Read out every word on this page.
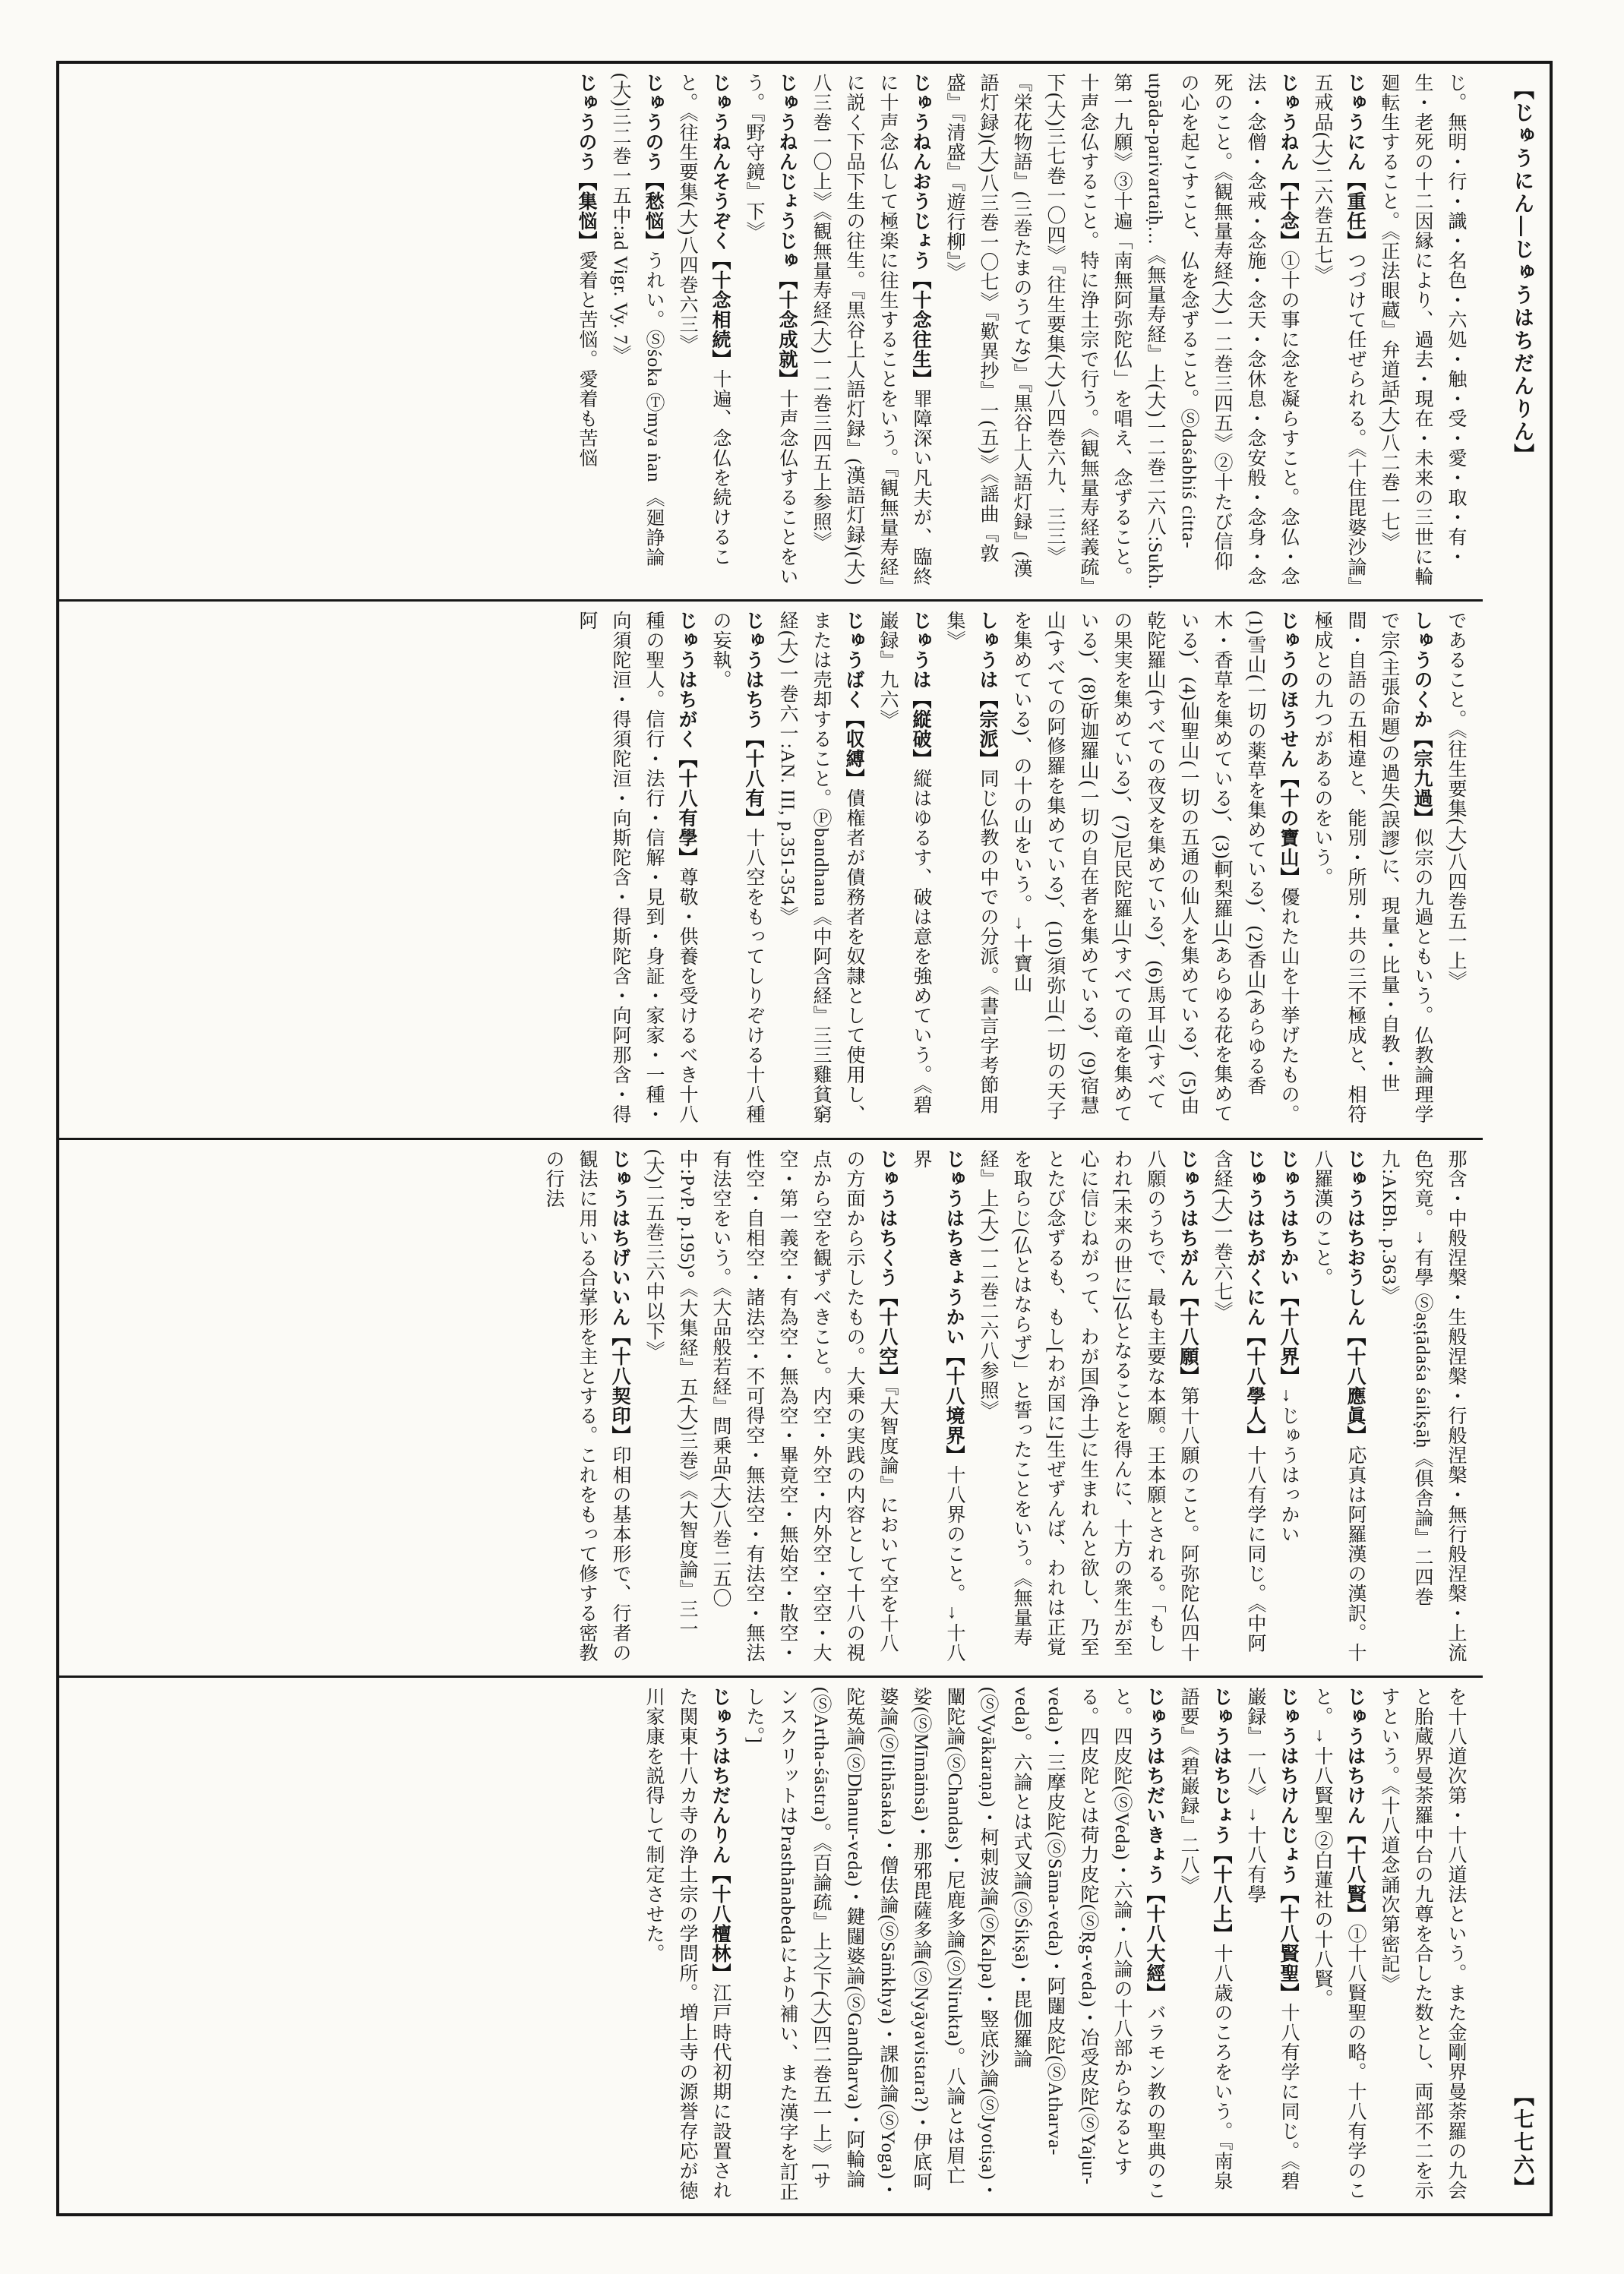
じ。無明・行・識・名色・六処・触・受・愛・取・有・生・老死の十二因縁により、過去・現在・未来の三世に輪廻転生すること。《正法眼蔵』弁道話(大)八二巻一七》
じゅうにん【重任】つづけて任ぜられる。《十住毘婆沙論』五戒品(大)二六巻五七》
じゅうねん【十念】①十の事に念を凝らすこと。念仏・念法・念僧・念戒・念施・念天・念休息・念安般・念身・念死のこと。《観無量寿経(大)一二巻三四五》②十たび信仰の心を起こすこと、仏を念ずること。Ⓢdaśabhiś citta-utpāda-parivartaiḥ…《無量寿経』上(大)一二巻二六八:Sukh. 第一九願》③十遍「南無阿弥陀仏」を唱え、念ずること。十声念仏すること。特に浄土宗で行う。《観無量寿経義疏』下(大)三七巻一〇四》『往生要集(大)八四巻六九、三三》『栄花物語』(三巻たまのうてな)』『黒谷上人語灯録』(漢語灯録)(大)八三巻一〇七》『歎異抄』一(五)》《謡曲『敦盛』『清盛』『遊行柳』》
じゅうねんおうじょう【十念往生】罪障深い凡夫が、臨終に十声念仏して極楽に往生することをいう。『観無量寿経』に説く下品下生の往生。『黒谷上人語灯録』(漢語灯録)(大)八三巻一〇上》《観無量寿経(大)一二巻三四五上参照》
じゅうねんじょうじゅ【十念成就】十声念仏することをいう。『野守鏡』下》
じゅうねんそうぞく【十念相続】十遍、念仏を続けること。《往生要集(大)八四巻六三》
じゅうのう【愁悩】うれい。Ⓢśoka Ⓣmya ṅan 《廻諍論(大)三二巻一五中:ad Vigr. Vy. 7》
じゅうのう【集悩】愛着と苦悩。愛着も苦悩
であること。《往生要集(大)八四巻五一上》
しゅうのくか【宗九過】似宗の九過ともいう。仏教論理学で宗(主張命題)の過失(誤謬)に、現量・比量・自教・世間・自語の五相違と、能別・所別・共の三不極成と、相符極成との九つがあるのをいう。
じゅうのほうせん【十の寶山】優れた山を十挙げたもの。(1)雪山(一切の薬草を集めている)、(2)香山(あらゆる香木・香草を集めている)、(3)軻梨羅山(あらゆる花を集めている)、(4)仙聖山(一切の五通の仙人を集めている)、(5)由乾陀羅山(すべての夜叉を集めている)、(6)馬耳山(すべての果実を集めている)、(7)尼民陀羅山(すべての竜を集めている)、(8)斫迦羅山(一切の自在者を集めている)、(9)宿慧山(すべての阿修羅を集めている)、(10)須弥山(一切の天子を集めている)、の十の山をいう。→十寶山
しゅうは【宗派】同じ仏教の中での分派。《書言字考節用集》
じゅうは【縦破】縦はゆるす、破は意を強めていう。《碧巌録』九六》
じゅうばく【収縛】債権者が債務者を奴隷として使用し、または売却すること。Ⓟbandhana《中阿含経』三三雞貧窮経(大)一巻六一:AN. III, p.351-354》
じゅうはちう【十八有】十八空をもってしりぞける十八種の妄執。
じゅうはちがく【十八有學】尊敬・供養を受けるべき十八種の聖人。信行・法行・信解・見到・身証・家家・一種・向須陀洹・得須陀洹・向斯陀含・得斯陀含・向阿那含・得阿
那含・中般涅槃・生般涅槃・行般涅槃・無行般涅槃・上流色究竟。→有學 Ⓢaṣṭādaśa śaikṣāḥ《倶舎論』二四巻九:AKBh. p.363》
じゅうはちおうしん【十八應眞】応真は阿羅漢の漢訳。十八羅漢のこと。
じゅうはちかい【十八界】→じゅうはっかい
じゅうはちがくにん【十八學人】十八有学に同じ。《中阿含経(大)一巻六七》
じゅうはちがん【十八願】第十八願のこと。阿弥陀仏四十八願のうちで、最も主要な本願。王本願とされる。「もしわれ[未来の世に]仏となることを得んに、十方の衆生が至心に信じねがって、わが国(浄土)に生まれんと欲し、乃至とたび念ずるも、もし[わが国に]生ぜずんば、われは正覚を取らじ(仏とはならず)」と誓ったことをいう。《無量寿経』上(大)一二巻二六八参照》
じゅうはちきょうかい【十八境界】十八界のこと。→十八界
じゅうはちくう【十八空】『大智度論』において空を十八の方面から示したもの。大乗の実践の内容として十八の視点から空を観ずべきこと。内空・外空・内外空・空空・大空・第一義空・有為空・無為空・畢竟空・無始空・散空・性空・自相空・諸法空・不可得空・無法空・有法空・無法有法空をいう。《大品般若経』問乗品(大)八巻二五〇中:PvP. p.195)°《大集経』五(大)三巻》《大智度論』三一(大)二五巻三六中以下》
じゅうはちげいいん【十八契印】印相の基本形で、行者の観法に用いる合掌形を主とする。これをもって修する密教の行法
を十八道次第・十八道法という。また金剛界曼荼羅の九会と胎蔵界曼荼羅中台の九尊を合した数とし、両部不二を示すという。《十八道念誦次第密記》
じゅうはちけん【十八賢】①十八賢聖の略。十八有学のこと。→十八賢聖 ②白蓮社の十八賢。
じゅうはちけんじょう【十八賢聖】十八有学に同じ。《碧巌録』一八》→十八有學
じゅうはちじょう【十八上】十八歳のころをいう。『南泉語要』《碧巌録』二八》
じゅうはちだいきょう【十八大經】バラモン教の聖典のこと。四皮陀(ⓈVeda)・六論・八論の十八部からなるとする。四皮陀とは荷力皮陀(ⓈṚg-veda)・冶受皮陀(ⓈYajur-veda)・三摩皮陀(ⓈSāma-veda)・阿闥皮陀(ⓈAtharva-veda)。六論とは式叉論(ⓈŚikṣā)・毘伽羅論(ⓈVyākaraṇa)・柯刺波論(ⓈKalpa)・竪底沙論(ⓈJyotiṣa)・闡陀論(ⓈChandas)・尼鹿多論(ⓈNirukta)。八論とは眉亡娑(ⓈMīmāṁsā)・那邪毘薩多論(ⓈNyāyavistara?)・伊底呵婆論(ⓈItihāsaka)・僧佉論(ⓈSāṁkhya)・課伽論(ⓈYoga)・陀菟論(ⓈDhanur-veda)・鍵闥婆論(ⓈGandharva)・阿輪論(ⓈArtha-śāstra)。《百論疏』上之下(大)四二巻五一上》[サンスクリットはPrasthānabedaにより補い、また漢字を訂正した。]
じゅうはちだんりん【十八檀林】江戸時代初期に設置された関東十八カ寺の浄土宗の学問所。増上寺の源誉存応が徳川家康を説得して制定させた。
【じゅうにん―じゅうはちだんりん】
【七七六】
